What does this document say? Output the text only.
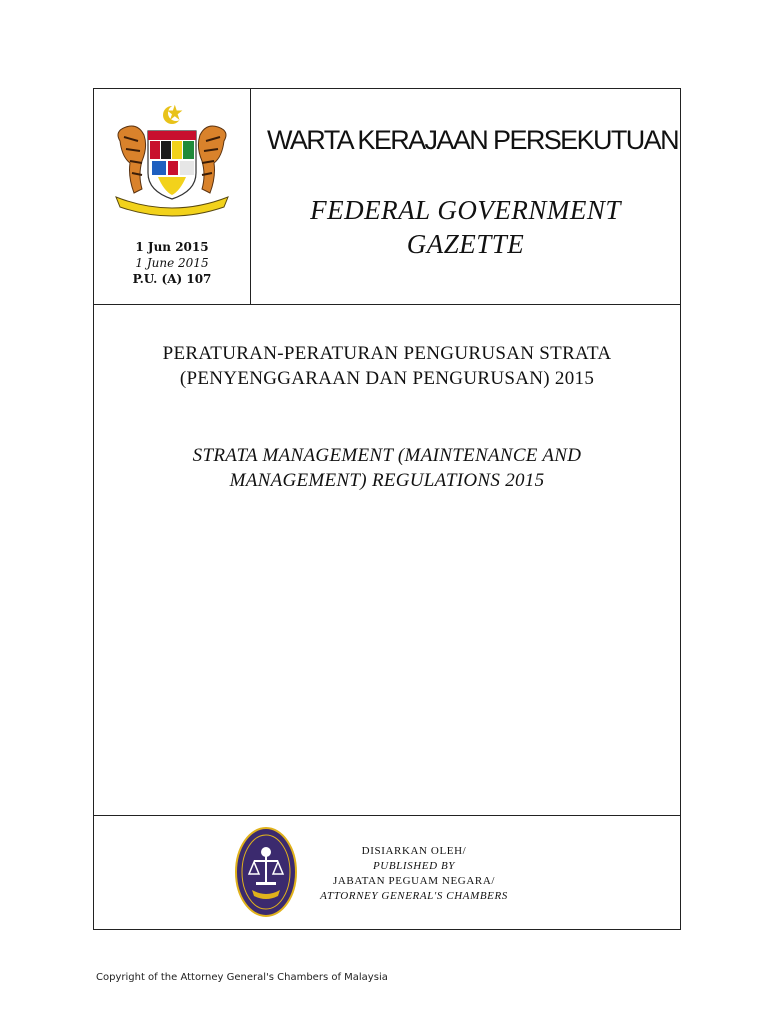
1 Jun 2015
1 June 2015
P.U. (A) 107
WARTA KERAJAAN PERSEKUTUAN
FEDERAL GOVERNMENT
GAZETTE
PERATURAN-PERATURAN PENGURUSAN STRATA
(PENYENGGARAAN DAN PENGURUSAN) 2015
STRATA MANAGEMENT (MAINTENANCE AND
MANAGEMENT) REGULATIONS 2015
DISIARKAN OLEH/
PUBLISHED BY
JABATAN PEGUAM NEGARA/
ATTORNEY GENERAL'S CHAMBERS
Copyright of the Attorney General's Chambers of Malaysia
